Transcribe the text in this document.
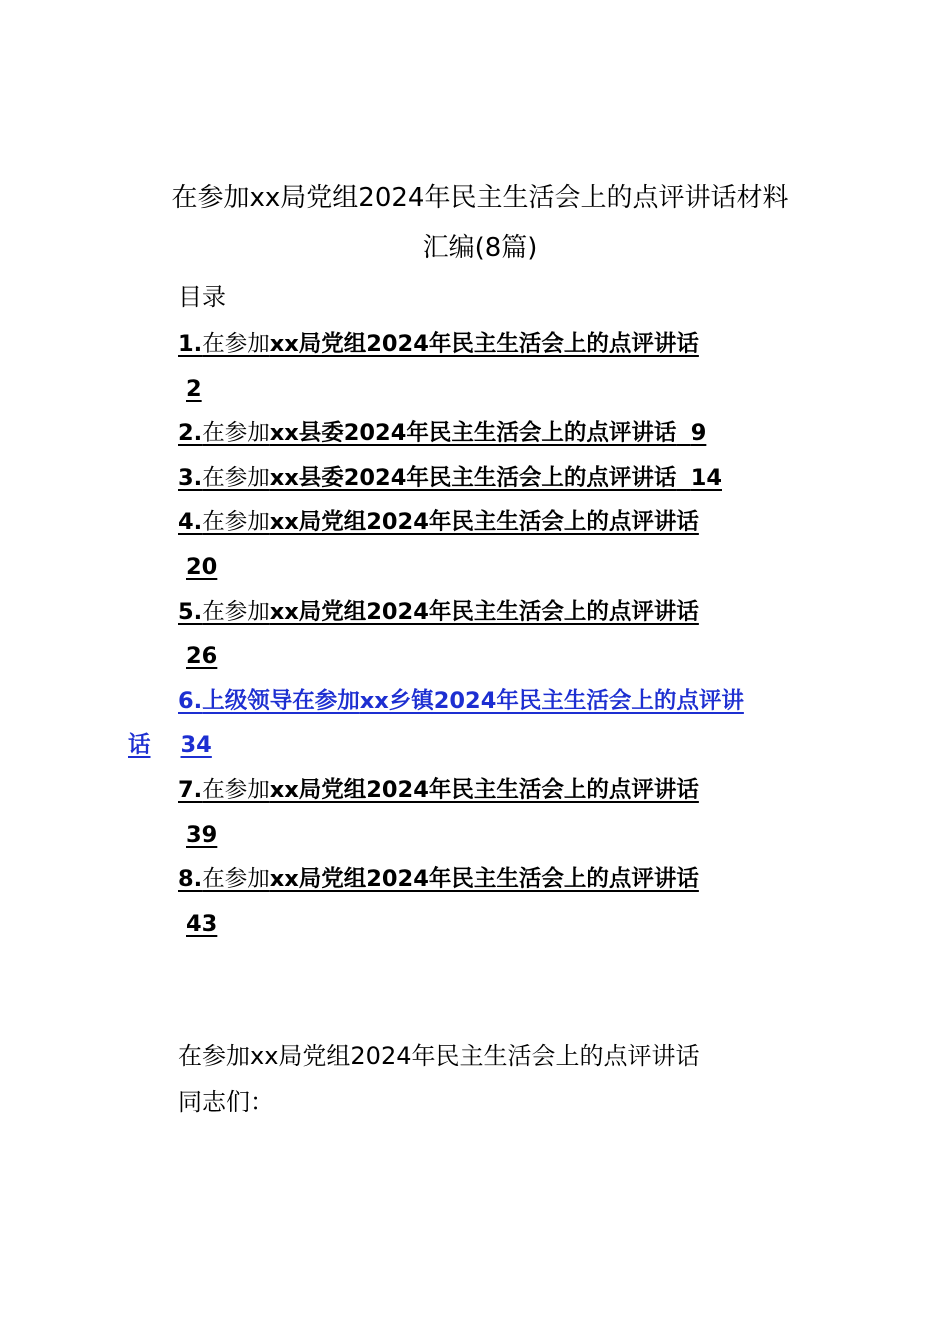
在参加xx局党组2024年民主生活会上的点评讲话材料
汇编(8篇)
目录
1.在参加xx局党组2024年民主生活会上的点评讲话
2
2.在参加xx县委2024年民主生活会上的点评讲话 9
3.在参加xx县委2024年民主生活会上的点评讲话 14
4.在参加xx局党组2024年民主生活会上的点评讲话
20
5.在参加xx局党组2024年民主生活会上的点评讲话
26
6.上级领导在参加xx乡镇2024年民主生活会上的点评讲
话 34
7.在参加xx局党组2024年民主生活会上的点评讲话
39
8.在参加xx局党组2024年民主生活会上的点评讲话
43
在参加xx局党组2024年民主生活会上的点评讲话
同志们：
